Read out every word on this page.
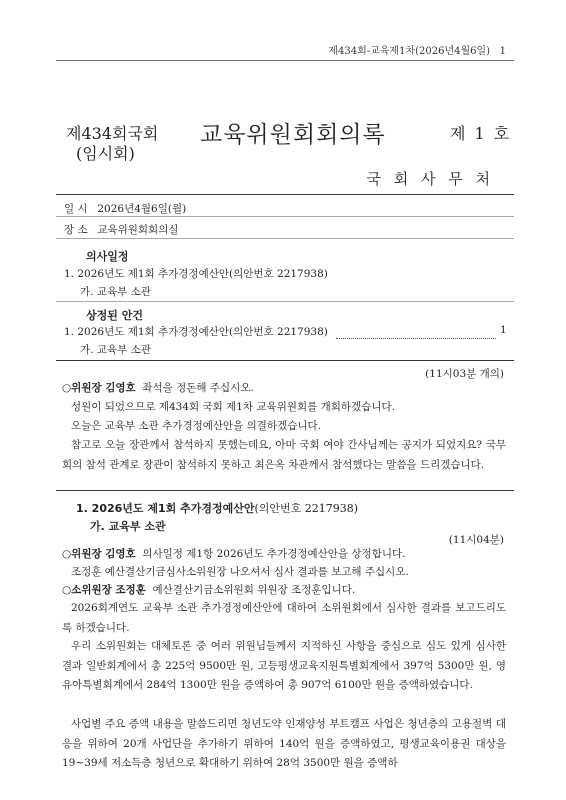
제434회-교육제1차(2026년4월6일) 1
제434회국회
(임시회)
교육위원회회의록	제 1 호
국 회 사 무 처
일 시 2026년4월6일(월)
장 소 교육위원회회의실
의사일정
1. 2026년도 제1회 추가경정예산안(의안번호 2217938)
가. 교육부 소관
상정된 안건
1. 2026년도 제1회 추가경정예산안(의안번호 2217938)	1
가. 교육부 소관
(11시03분 개의)
○위원장 김영호 좌석을 정돈해 주십시오.
성원이 되었으므로 제434회 국회 제1차 교육위원회를 개회하겠습니다.
오늘은 교육부 소관 추가경정예산안을 의결하겠습니다.
참고로 오늘 장관께서 참석하지 못했는데요, 아마 국회 여야 간사님께는 공지가 되었지요? 국무회의 참석 관계로 장관이 참석하지 못하고 최은옥 차관께서 참석했다는 말씀을 드리겠습니다.
1. 2026년도 제1회 추가경정예산안(의안번호 2217938)
가. 교육부 소관
(11시04분)
○위원장 김영호 의사일정 제1항 2026년도 추가경정예산안을 상정합니다.
조정훈 예산결산기금심사소위원장 나오셔서 심사 결과를 보고해 주십시오.
○소위원장 조정훈 예산결산기금소위원회 위원장 조정훈입니다.
2026회계연도 교육부 소관 추가경정예산안에 대하여 소위원회에서 심사한 결과를 보고드리도록 하겠습니다.
우리 소위원회는 대체토론 중 여러 위원님들께서 지적하신 사항을 중심으로 심도 있게 심사한 결과 일반회계에서 총 225억 9500만 원, 고등평생교육지원특별회계에서 397억 5300만 원, 영유아특별회계에서 284억 1300만 원을 증액하여 총 907억 6100만 원을 증액하였습니다.
사업별 주요 증액 내용을 말씀드리면 청년도약 인재양성 부트캠프 사업은 청년층의 고용절벽 대응을 위하여 20개 사업단을 추가하기 위하여 140억 원을 증액하였고, 평생교육이용권 대상을 19~39세 저소득층 청년으로 확대하기 위하여 28억 3500만 원을 증액하
